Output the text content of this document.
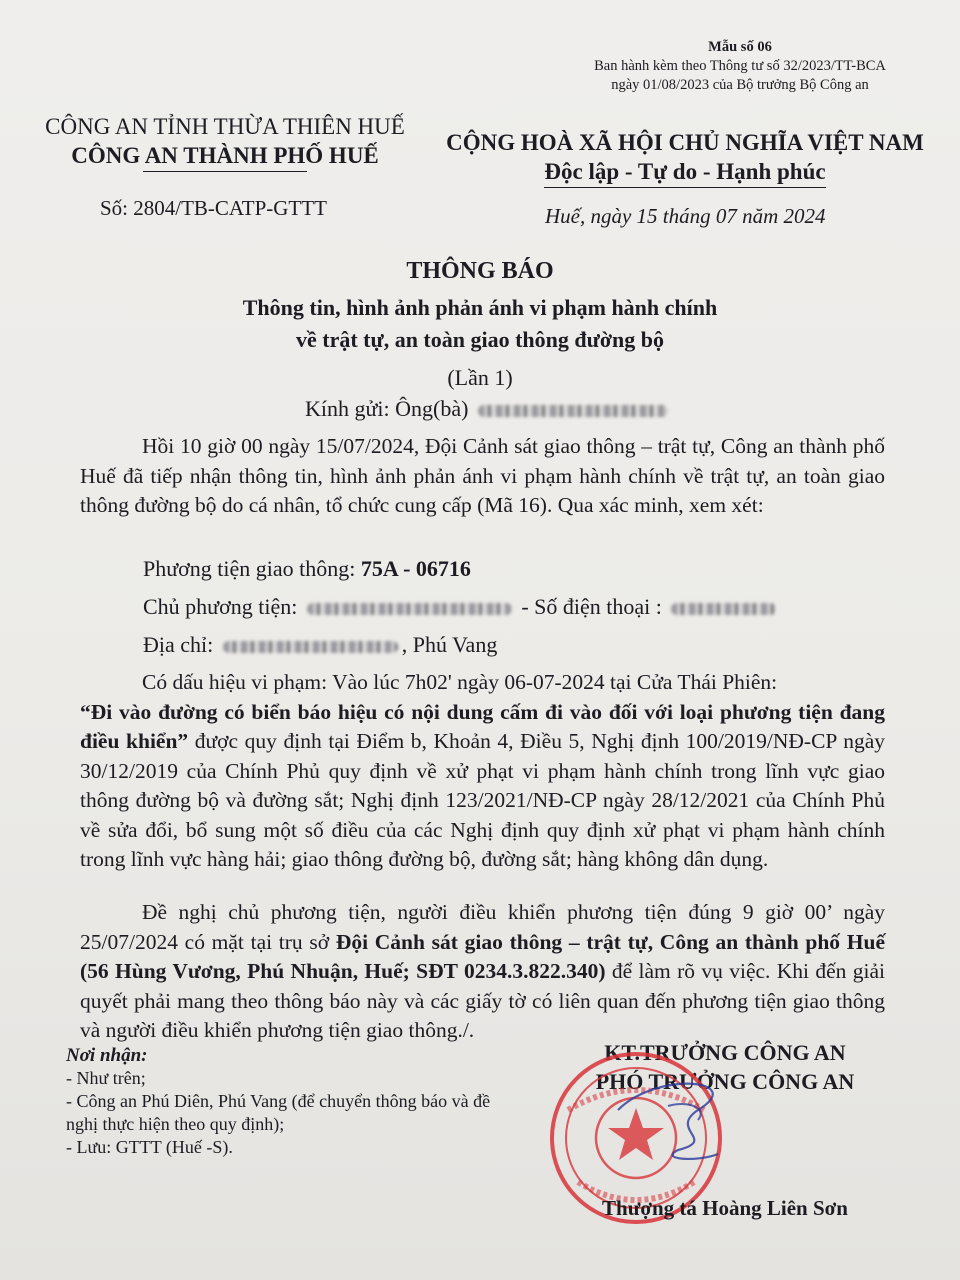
Mẫu số 06
Ban hành kèm theo Thông tư số 32/2023/TT-BCA
ngày 01/08/2023 của Bộ trưởng Bộ Công an
CÔNG AN TỈNH THỪA THIÊN HUẾ
CÔNG AN THÀNH PHỐ HUẾ
CỘNG HOÀ XÃ HỘI CHỦ NGHĨA VIỆT NAM
Độc lập - Tự do - Hạnh phúc
Số: 2804/TB-CATP-GTTT	Huế, ngày 15 tháng 07 năm 2024
THÔNG BÁO
Thông tin, hình ảnh phản ánh vi phạm hành chính
về trật tự, an toàn giao thông đường bộ
(Lần 1)
Kính gửi: Ông(bà)
Hồi 10 giờ 00 ngày 15/07/2024, Đội Cảnh sát giao thông – trật tự, Công an thành phố Huế đã tiếp nhận thông tin, hình ảnh phản ánh vi phạm hành chính về trật tự, an toàn giao thông đường bộ do cá nhân, tổ chức cung cấp (Mã 16). Qua xác minh, xem xét:
Phương tiện giao thông: 75A - 06716
Chủ phương tiện:	- Số điện thoại :
Địa chỉ:	, Phú Vang
Có dấu hiệu vi phạm: Vào lúc 7h02' ngày 06-07-2024 tại Cửa Thái Phiên:
“Đi vào đường có biển báo hiệu có nội dung cấm đi vào đối với loại phương tiện đang điều khiển” được quy định tại Điểm b, Khoản 4, Điều 5, Nghị định 100/2019/NĐ-CP ngày 30/12/2019 của Chính Phủ quy định về xử phạt vi phạm hành chính trong lĩnh vực giao thông đường bộ và đường sắt; Nghị định 123/2021/NĐ-CP ngày 28/12/2021 của Chính Phủ về sửa đổi, bổ sung một số điều của các Nghị định quy định xử phạt vi phạm hành chính trong lĩnh vực hàng hải; giao thông đường bộ, đường sắt; hàng không dân dụng.
Đề nghị chủ phương tiện, người điều khiển phương tiện đúng 9 giờ 00’ ngày 25/07/2024 có mặt tại trụ sở Đội Cảnh sát giao thông – trật tự, Công an thành phố Huế (56 Hùng Vương, Phú Nhuận, Huế; SĐT 0234.3.822.340) để làm rõ vụ việc. Khi đến giải quyết phải mang theo thông báo này và các giấy tờ có liên quan đến phương tiện giao thông và người điều khiển phương tiện giao thông./.
Nơi nhận:
- Như trên;
- Công an Phú Diên, Phú Vang (để chuyển thông báo và đề nghị thực hiện theo quy định);
- Lưu: GTTT (Huế -S).
KT.TRƯỞNG CÔNG AN
PHÓ TRƯỞNG CÔNG AN
Thượng tá Hoàng Liên Sơn
